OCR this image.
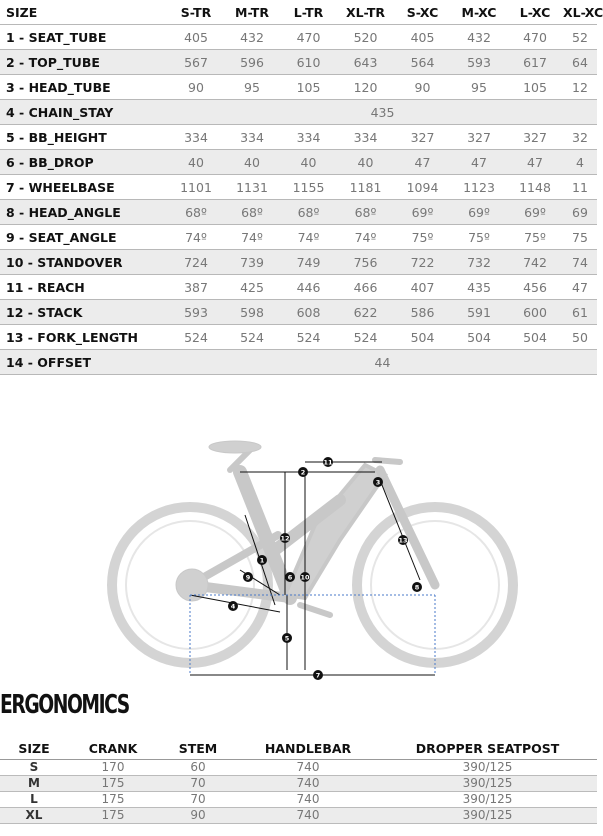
SIZE	S-TR	M-TR	L-TR	XL-TR	S-XC	M-XC	L-XC	XL-XC
1 - SEAT_TUBE	405	432	470	520	405	432	470	52
2 - TOP_TUBE	567	596	610	643	564	593	617	64
3 - HEAD_TUBE	90	95	105	120	90	95	105	12
4 - CHAIN_STAY	435							
5 - BB_HEIGHT	334	334	334	334	327	327	327	32
6 - BB_DROP	40	40	40	40	47	47	47	4
7 - WHEELBASE	1101	1131	1155	1181	1094	1123	1148	11
8 - HEAD_ANGLE	68º	68º	68º	68º	69º	69º	69º	69
9 - SEAT_ANGLE	74º	74º	74º	74º	75º	75º	75º	75
10 - STANDOVER	724	739	749	756	722	732	742	74
11 - REACH	387	425	446	466	407	435	456	47
12 - STACK	593	598	608	622	586	591	600	61
13 - FORK_LENGTH	524	524	524	524	504	504	504	50
14 - OFFSET	44							
1
2
3
4
5
6
7
8
9	10
11
12	13
ERGONOMICS
SIZE	CRANK	STEM	HANDLEBAR	DROPPER SEATPOST
S	170	60	740	390/125
M	175	70	740	390/125
L	175	70	740	390/125
XL	175	90	740	390/125
